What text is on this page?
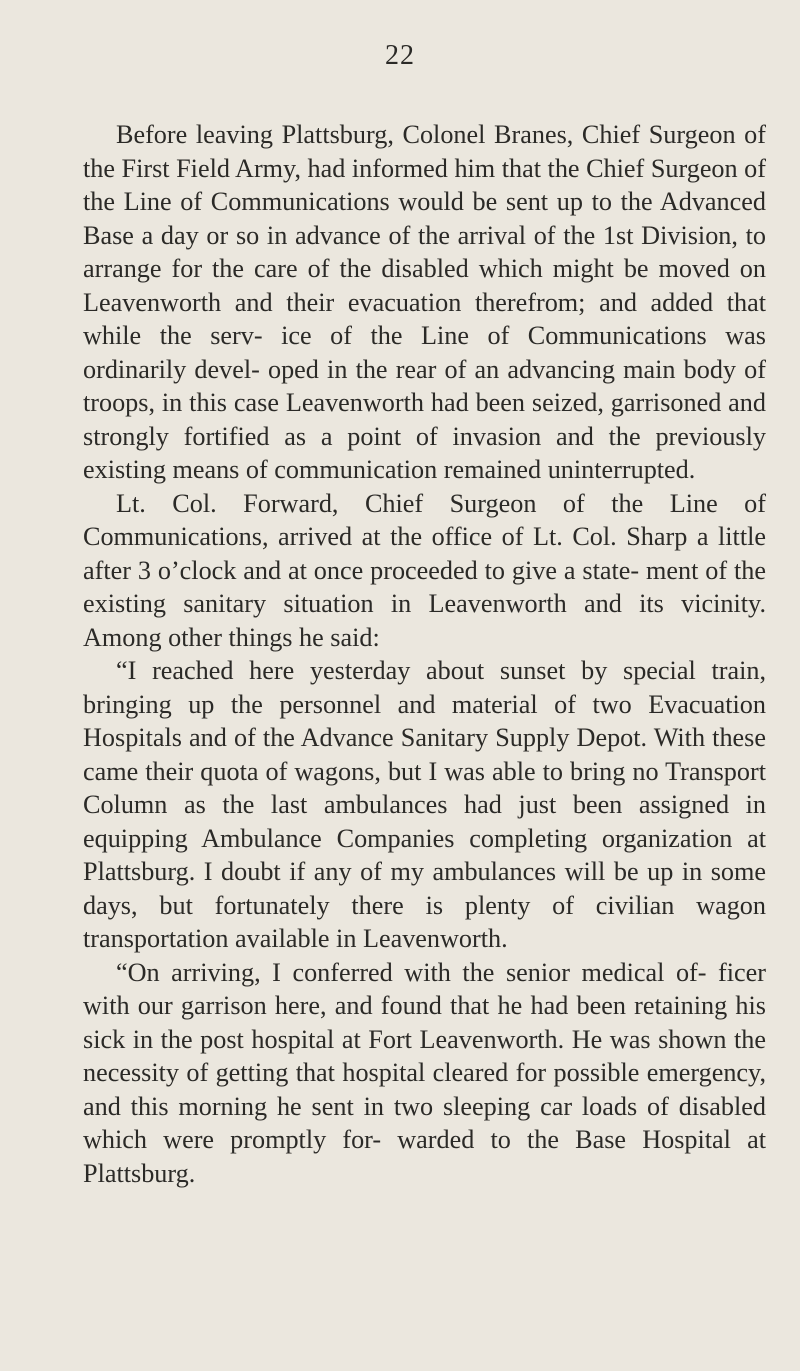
22

Before leaving Plattsburg, Colonel Branes, Chief Surgeon of the First Field Army, had informed him that the Chief Surgeon of the Line of Communications would be sent up to the Advanced Base a day or so in advance of the arrival of the 1st Division, to arrange for the care of the disabled which might be moved on Leavenworth and their evacuation therefrom; and added that while the serv- ice of the Line of Communications was ordinarily devel- oped in the rear of an advancing main body of troops, in this case Leavenworth had been seized, garrisoned and strongly fortified as a point of invasion and the previously existing means of communication remained uninterrupted.

Lt. Col. Forward, Chief Surgeon of the Line of Communications, arrived at the office of Lt. Col. Sharp a little after 3 o’clock and at once proceeded to give a state- ment of the existing sanitary situation in Leavenworth and its vicinity. Among other things he said:

“I reached here yesterday about sunset by special train, bringing up the personnel and material of two Evacuation Hospitals and of the Advance Sanitary Supply Depot. With these came their quota of wagons, but I was able to bring no Transport Column as the last ambulances had just been assigned in equipping Ambulance Companies completing organization at Plattsburg. I doubt if any of my ambulances will be up in some days, but fortunately there is plenty of civilian wagon transportation available in Leavenworth.

“On arriving, I conferred with the senior medical of- ficer with our garrison here, and found that he had been retaining his sick in the post hospital at Fort Leavenworth. He was shown the necessity of getting that hospital cleared for possible emergency, and this morning he sent in two sleeping car loads of disabled which were promptly for- warded to the Base Hospital at Plattsburg.
